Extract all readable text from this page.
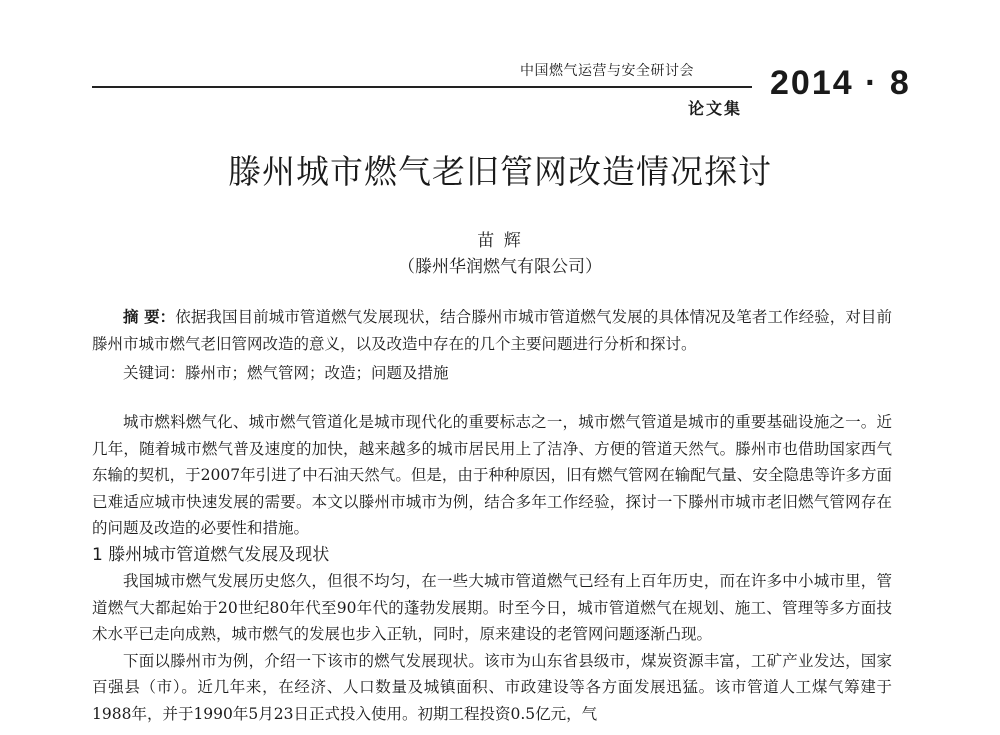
中国燃气运营与安全研讨会 2014 · 8
论文集
滕州城市燃气老旧管网改造情况探讨
苗 辉
（滕州华润燃气有限公司）

摘 要：依据我国目前城市管道燃气发展现状，结合滕州市城市管道燃气发展的具体情况及笔者工作经验，对目前滕州市城市燃气老旧管网改造的意义，以及改造中存在的几个主要问题进行分析和探讨。

关键词：滕州市；燃气管网；改造；问题及措施

城市燃料燃气化、城市燃气管道化是城市现代化的重要标志之一，城市燃气管道是城市的重要基础设施之一。近几年，随着城市燃气普及速度的加快，越来越多的城市居民用上了洁净、方便的管道天然气。滕州市也借助国家西气东输的契机，于2007年引进了中石油天然气。但是，由于种种原因，旧有燃气管网在输配气量、安全隐患等许多方面已难适应城市快速发展的需要。本文以滕州市城市为例，结合多年工作经验，探讨一下滕州市城市老旧燃气管网存在的问题及改造的必要性和措施。

1 滕州城市管道燃气发展及现状

我国城市燃气发展历史悠久，但很不均匀，在一些大城市管道燃气已经有上百年历史，而在许多中小城市里，管道燃气大都起始于20世纪80年代至90年代的蓬勃发展期。时至今日，城市管道燃气在规划、施工、管理等多方面技术水平已走向成熟，城市燃气的发展也步入正轨，同时，原来建设的老管网问题逐渐凸现。

下面以滕州市为例，介绍一下该市的燃气发展现状。该市为山东省县级市，煤炭资源丰富，工矿产业发达，国家百强县（市）。近几年来，在经济、人口数量及城镇面积、市政建设等各方面发展迅猛。该市管道人工煤气筹建于1988年，并于1990年5月23日正式投入使用。初期工程投资0.5亿元，气
